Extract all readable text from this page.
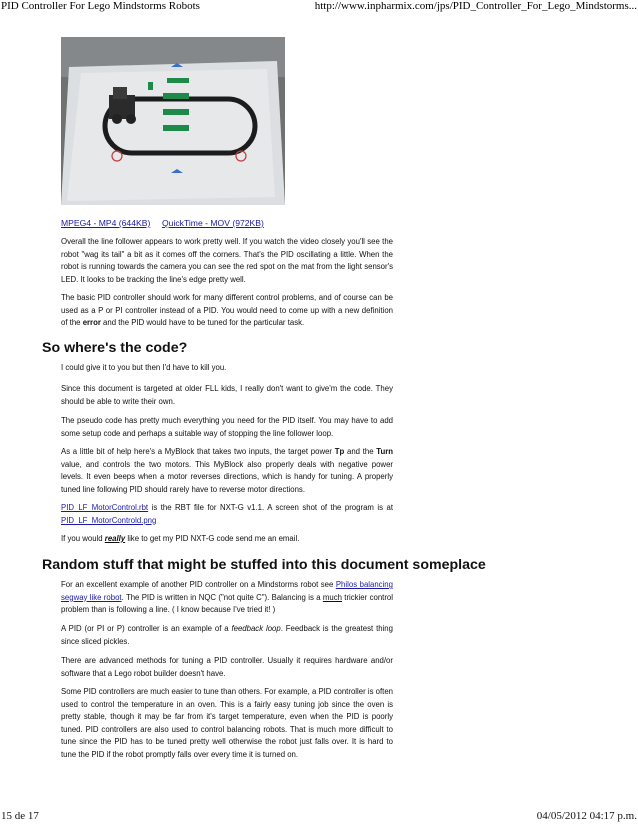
PID Controller For Lego Mindstorms Robots	http://www.inpharmix.com/jps/PID_Controller_For_Lego_Mindstorms...
MPEG4 - MP4 (644KB) QuickTime - MOV (972KB)

Overall the line follower appears to work pretty well. If you watch the video closely you'll see the robot "wag its tail" a bit as it comes off the corners. That's the PID oscillating a little. When the robot is running towards the camera you can see the red spot on the mat from the light sensor's LED. It looks to be tracking the line's edge pretty well.

The basic PID controller should work for many different control problems, and of course can be used as a P or PI controller instead of a PID. You would need to come up with a new definition of the error and the PID would have to be tuned for the particular task.

So where's the code?

I could give it to you but then I'd have to kill you.

Since this document is targeted at older FLL kids, I really don't want to give'm the code. They should be able to write their own.

The pseudo code has pretty much everything you need for the PID itself. You may have to add some setup code and perhaps a suitable way of stopping the line follower loop.

As a little bit of help here's a MyBlock that takes two inputs, the target power Tp and the Turn value, and controls the two motors. This MyBlock also properly deals with negative power levels. It even beeps when a motor reverses directions, which is handy for tuning. A properly tuned line following PID should rarely have to reverse motor directions.

PID_LF_MotorControl.rbt is the RBT file for NXT-G v1.1. A screen shot of the program is at PID_LF_MotorControld.png

If you would really like to get my PID NXT-G code send me an email.

Random stuff that might be stuffed into this document someplace

For an excellent example of another PID controller on a Mindstorms robot see Philos balancing segway like robot. The PID is written in NQC ("not quite C"). Balancing is a much trickier control problem than is following a line. ( I know because I've tried it! )

A PID (or PI or P) controller is an example of a feedback loop. Feedback is the greatest thing since sliced pickles.

There are advanced methods for tuning a PID controller. Usually it requires hardware and/or software that a Lego robot builder doesn't have.

Some PID controllers are much easier to tune than others. For example, a PID controller is often used to control the temperature in an oven. This is a fairly easy tuning job since the oven is pretty stable, though it may be far from it's target temperature, even when the PID is poorly tuned. PID controllers are also used to control balancing robots. That is much more difficult to tune since the PID has to be tuned pretty well otherwise the robot just falls over. It is hard to tune the PID if the robot promptly falls over every time it is turned on.

15 de 17	04/05/2012 04:17 p.m.
